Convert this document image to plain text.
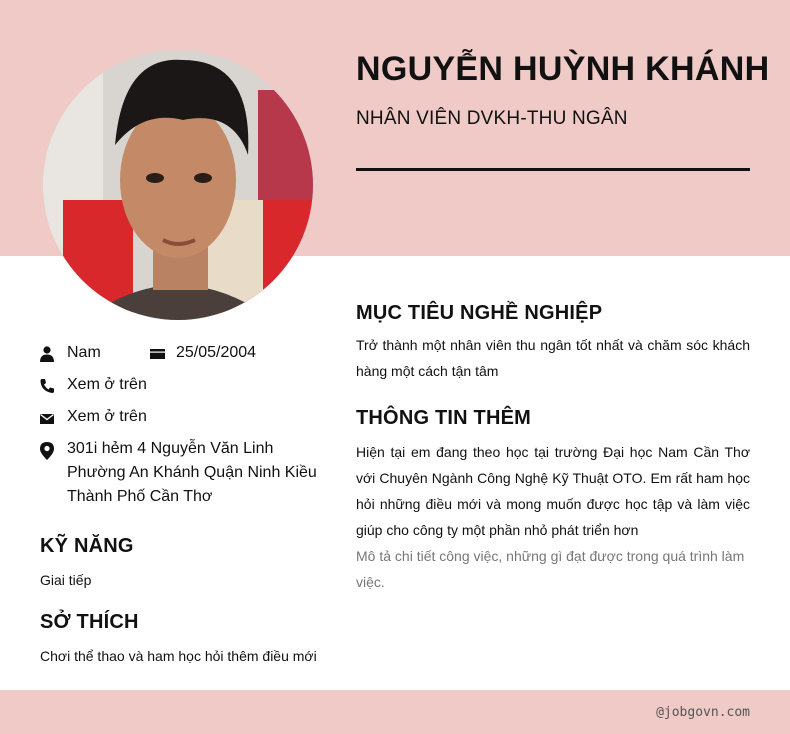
NGUYỄN HUỲNH KHÁNH
NHÂN VIÊN DVKH-THU NGÂN
Nam	25/05/2004
Xem ở trên
Xem ở trên
301i hẻm 4 Nguyễn Văn Linh
Phường An Khánh Quận Ninh Kiều
Thành Phố Cần Thơ
KỸ NĂNG
Giai tiếp
SỞ THÍCH
Chơi thể thao và ham học hỏi thêm điều mới
MỤC TIÊU NGHỀ NGHIỆP
Trở thành một nhân viên thu ngân tốt nhất và chăm sóc khách hàng một cách tận tâm
THÔNG TIN THÊM
Hiện tại em đang theo học tại trường Đại học Nam Cần Thơ với Chuyên Ngành Công Nghệ Kỹ Thuật OTO. Em rất ham học hỏi những điều mới và mong muốn được học tập và làm việc giúp cho công ty một phần nhỏ phát triển hơn
Mô tả chi tiết công việc, những gì đạt được trong quá trình làm việc.
@jobgovn.com
